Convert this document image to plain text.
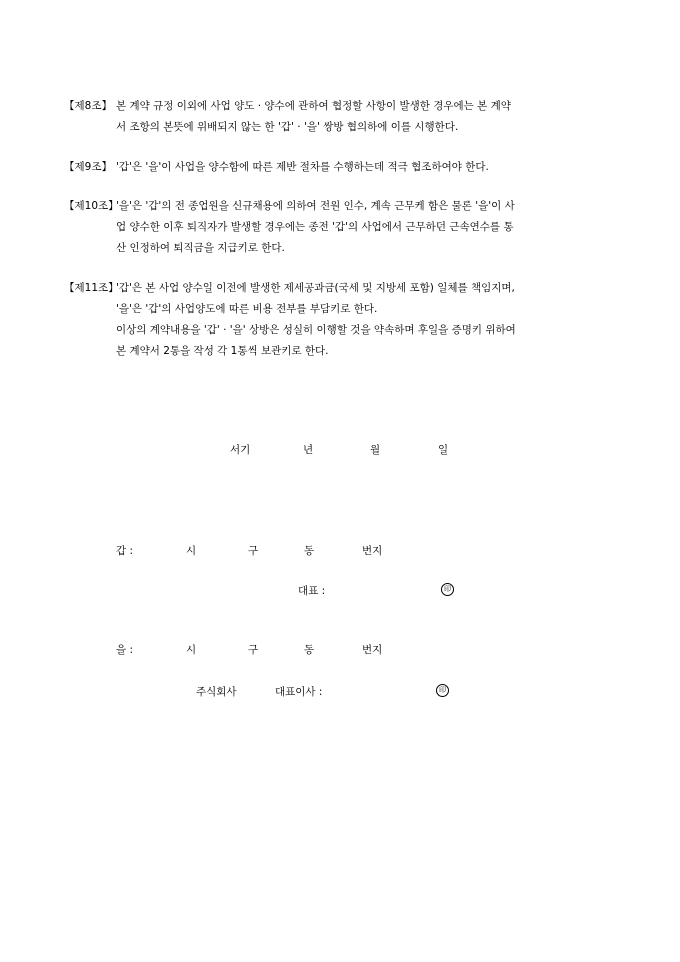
【제8조】 본 계약 규정 이외에 사업 양도 · 양수에 관하여 협정할 사항이 발생한 경우에는 본 계약
서 조항의 본뜻에 위배되지 않는 한 '갑' · '을' 쌍방 협의하에 이를 시행한다.
【제9조】 '갑'은 '을'이 사업을 양수함에 따른 제반 절차를 수행하는데 적극 협조하여야 한다.
【제10조】
'을'은 '갑'의 전 종업원을 신규채용에 의하여 전원 인수, 계속 근무케 함은 물론 '을'이 사
업 양수한 이후 퇴직자가 발생할 경우에는 종전 '갑'의 사업에서 근무하던 근속연수를 통
산 인정하여 퇴직금을 지급키로 한다.
【제11조】
'갑'은 본 사업 양수일 이전에 발생한 제세공과금(국세 및 지방세 포함) 일체를 책임지며,
'을'은 '갑'의 사업양도에 따른 비용 전부를 부담키로 한다.
이상의 계약내용을 '갑' · '을' 상방은 성실히 이행할 것을 약속하며 후일을 증명키 위하여
본 계약서 2통을 작성 각 1통씩 보관키로 한다.
서기	년	월	일
갑 :	시	구	동	번지
대표 :	印
을 :	시	구	동	번지
주식회사	대표이사 :	印
